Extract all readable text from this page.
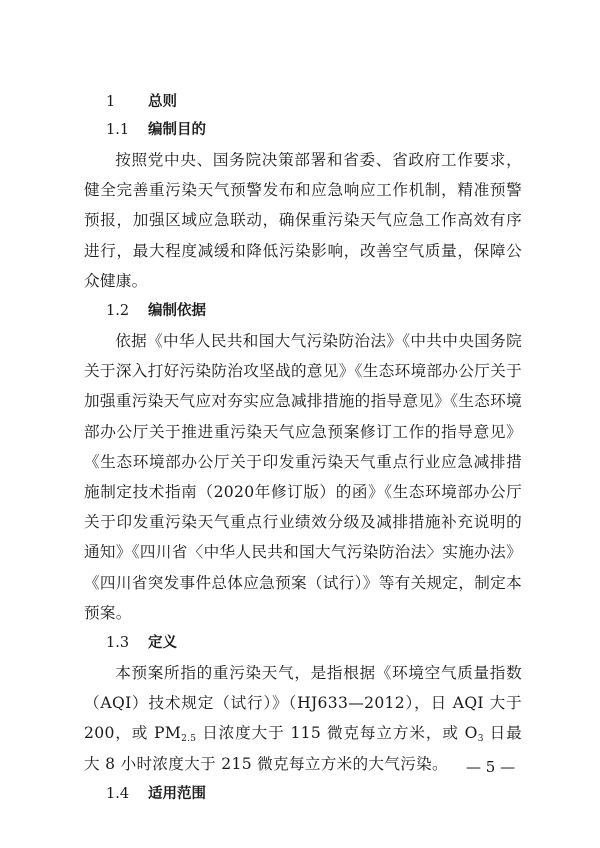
1 总则
1.1 编制目的

按照党中央、国务院决策部署和省委、省政府工作要求，健全完善重污染天气预警发布和应急响应工作机制，精准预警预报，加强区域应急联动，确保重污染天气应急工作高效有序进行，最大程度减缓和降低污染影响，改善空气质量，保障公众健康。

1.2 编制依据

依据《中华人民共和国大气污染防治法》《中共中央国务院关于深入打好污染防治攻坚战的意见》《生态环境部办公厅关于加强重污染天气应对夯实应急减排措施的指导意见》《生态环境部办公厅关于推进重污染天气应急预案修订工作的指导意见》《生态环境部办公厅关于印发重污染天气重点行业应急减排措施制定技术指南（2020年修订版）的函》《生态环境部办公厅关于印发重污染天气重点行业绩效分级及减排措施补充说明的通知》《四川省〈中华人民共和国大气污染防治法〉实施办法》《四川省突发事件总体应急预案（试行）》等有关规定，制定本预案。

1.3 定义

本预案所指的重污染天气，是指根据《环境空气质量指数（AQI）技术规定（试行）》（HJ633—2012），日 AQI 大于 200，或 $PM_{2.5}$ 日浓度大于 115 微克每立方米，或 $O_3$ 日最大 8 小时浓度大于 215 微克每立方米的大气污染。

1.4 适用范围
— 5 —
